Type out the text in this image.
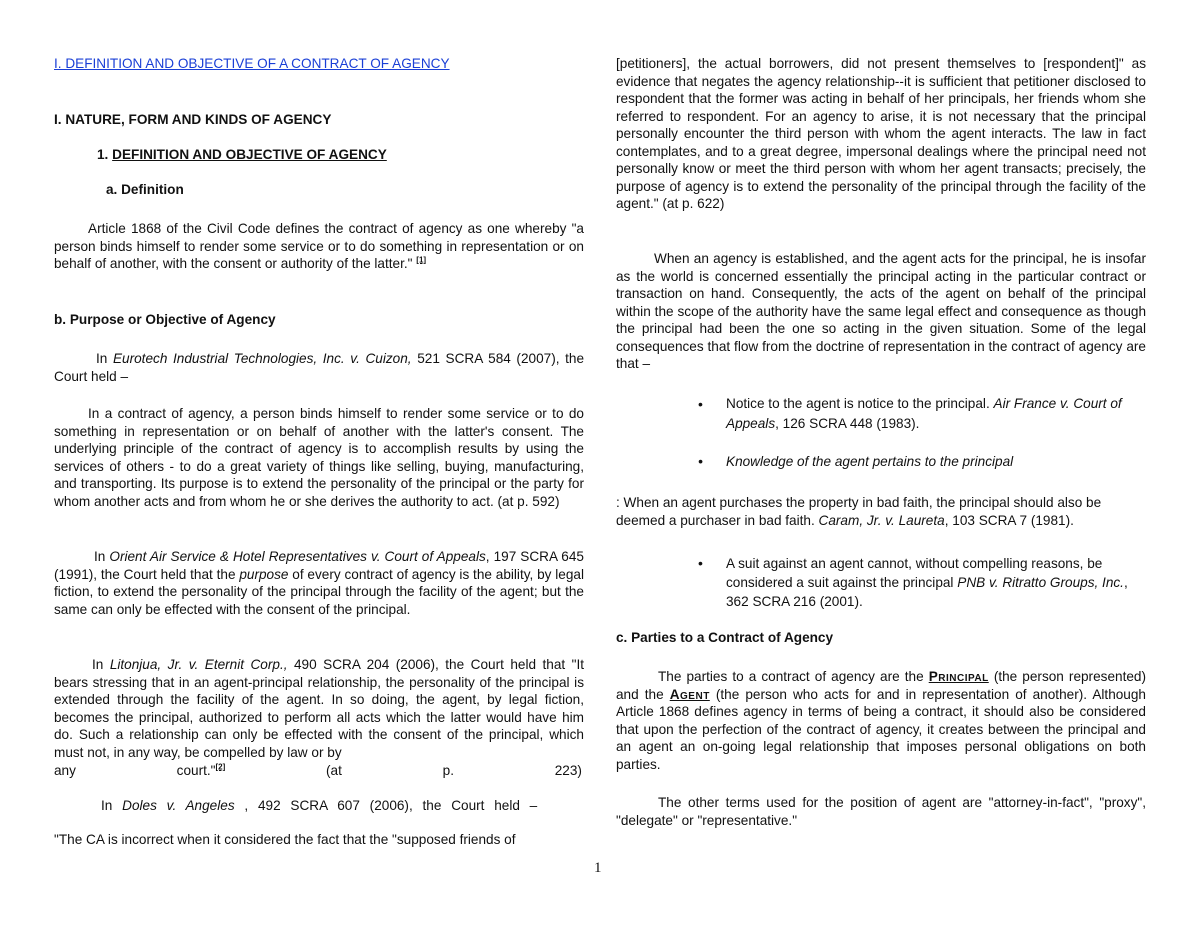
I. DEFINITION AND OBJECTIVE OF A CONTRACT OF AGENCY

I. NATURE, FORM AND KINDS OF AGENCY

1. DEFINITION AND OBJECTIVE OF AGENCY

a. Definition

Article 1868 of the Civil Code defines the contract of agency as one whereby "a person binds himself to render some service or to do something in representation or on behalf of another, with the consent or authority of the latter." [1]

b. Purpose or Objective of Agency

In Eurotech Industrial Technologies, Inc. v. Cuizon, 521 SCRA 584 (2007), the Court held –

In a contract of agency, a person binds himself to render some service or to do something in representation or on behalf of another with the latter's consent. The underlying principle of the contract of agency is to accomplish results by using the services of others - to do a great variety of things like selling, buying, manufacturing, and transporting. Its purpose is to extend the personality of the principal or the party for whom another acts and from whom he or she derives the authority to act. (at p. 592)

In Orient Air Service & Hotel Representatives v. Court of Appeals, 197 SCRA 645 (1991), the Court held that the purpose of every contract of agency is the ability, by legal fiction, to extend the personality of the principal through the facility of the agent; but the same can only be effected with the consent of the principal.

In Litonjua, Jr. v. Eternit Corp., 490 SCRA 204 (2006), the Court held that "It bears stressing that in an agent-principal relationship, the personality of the principal is extended through the facility of the agent. In so doing, the agent, by legal fiction, becomes the principal, authorized to perform all acts which the latter would have him do. Such a relationship can only be effected with the consent of the principal, which must not, in any way, be compelled by law or by

any	court."[2]	(at	p.	223)

In Doles v. Angeles , 492 SCRA 607 (2006), the Court held –

"The CA is incorrect when it considered the fact that the "supposed friends of

[petitioners], the actual borrowers, did not present themselves to [respondent]" as evidence that negates the agency relationship--it is sufficient that petitioner disclosed to respondent that the former was acting in behalf of her principals, her friends whom she referred to respondent. For an agency to arise, it is not necessary that the principal personally encounter the third person with whom the agent interacts. The law in fact contemplates, and to a great degree, impersonal dealings where the principal need not personally know or meet the third person with whom her agent transacts; precisely, the purpose of agency is to extend the personality of the principal through the facility of the agent." (at p. 622)

When an agency is established, and the agent acts for the principal, he is insofar as the world is concerned essentially the principal acting in the particular contract or transaction on hand. Consequently, the acts of the agent on behalf of the principal within the scope of the authority have the same legal effect and consequence as though the principal had been the one so acting in the given situation. Some of the legal consequences that flow from the doctrine of representation in the contract of agency are that –

• Notice to the agent is notice to the principal. Air France v. Court of Appeals, 126 SCRA 448 (1983).
• Knowledge of the agent pertains to the principal

: When an agent purchases the property in bad faith, the principal should also be deemed a purchaser in bad faith. Caram, Jr. v. Laureta, 103 SCRA 7 (1981).

• A suit against an agent cannot, without compelling reasons, be considered a suit against the principal PNB v. Ritratto Groups, Inc., 362 SCRA 216 (2001).

c. Parties to a Contract of Agency

The parties to a contract of agency are the Principal (the person represented) and the Agent (the person who acts for and in representation of another). Although Article 1868 defines agency in terms of being a contract, it should also be considered that upon the perfection of the contract of agency, it creates between the principal and an agent an on-going legal relationship that imposes personal obligations on both parties.

The other terms used for the position of agent are "attorney-in-fact", "proxy", "delegate" or "representative."

1
